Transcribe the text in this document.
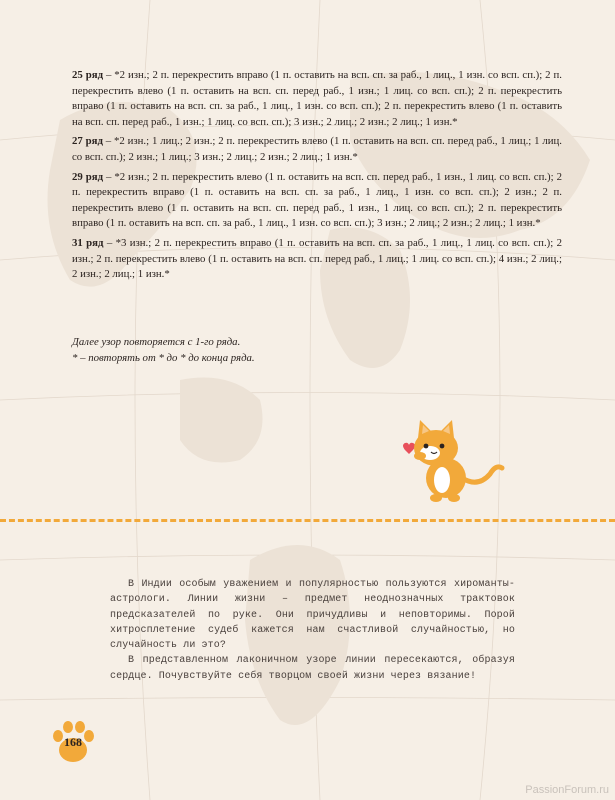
25 ряд – *2 изн.; 2 п. перекрестить вправо (1 п. оставить на всп. сп. за раб., 1 лиц., 1 изн. со всп. сп.); 2 п. перекрестить влево (1 п. оставить на всп. сп. перед раб., 1 изн.; 1 лиц. со всп. сп.); 2 п. перекрестить вправо (1 п. оставить на всп. сп. за раб., 1 лиц., 1 изн. со всп. сп.); 2 п. перекрестить влево (1 п. оставить на всп. сп. перед раб., 1 изн.; 1 лиц. со всп. сп.); 3 изн.; 2 лиц.; 2 изн.; 2 лиц.; 1 изн.*

27 ряд – *2 изн.; 1 лиц.; 2 изн.; 2 п. перекрестить влево (1 п. оставить на всп. сп. перед раб., 1 лиц.; 1 лиц. со всп. сп.); 2 изн.; 1 лиц.; 3 изн.; 2 лиц.; 2 изн.; 2 лиц.; 1 изн.*

29 ряд – *2 изн.; 2 п. перекрестить влево (1 п. оставить на всп. сп. перед раб., 1 изн., 1 лиц. со всп. сп.); 2 п. перекрестить вправо (1 п. оставить на всп. сп. за раб., 1 лиц., 1 изн. со всп. сп.); 2 изн.; 2 п. перекрестить влево (1 п. оставить на всп. сп. перед раб., 1 изн., 1 лиц. со всп. сп.); 2 п. перекрестить вправо (1 п. оставить на всп. сп. за раб., 1 лиц., 1 изн. со всп. сп.); 3 изн.; 2 лиц.; 2 изн.; 2 лиц.; 1 изн.*

31 ряд – *3 изн.; 2 п. перекрестить вправо (1 п. оставить на всп. сп. за раб., 1 лиц., 1 лиц. со всп. сп.); 2 изн.; 2 п. перекрестить влево (1 п. оставить на всп. сп. перед раб., 1 лиц.; 1 лиц. со всп. сп.); 4 изн.; 2 лиц.; 2 изн.; 2 лиц.; 1 изн.*

Далее узор повторяется с 1-го ряда.
* – повторять от * до * до конца ряда.

В Индии особым уважением и популярностью пользуются хироманты-астрологи. Линии жизни – предмет неоднозначных трактовок предсказателей по руке. Они причудливы и неповторимы. Порой хитросплетение судеб кажется нам счастливой случайностью, но случайность ли это?

В представленном лаконичном узоре линии пересекаются, образуя сердце. Почувствуйте себя творцом своей жизни через вязание!

168
PassionForum.ru
